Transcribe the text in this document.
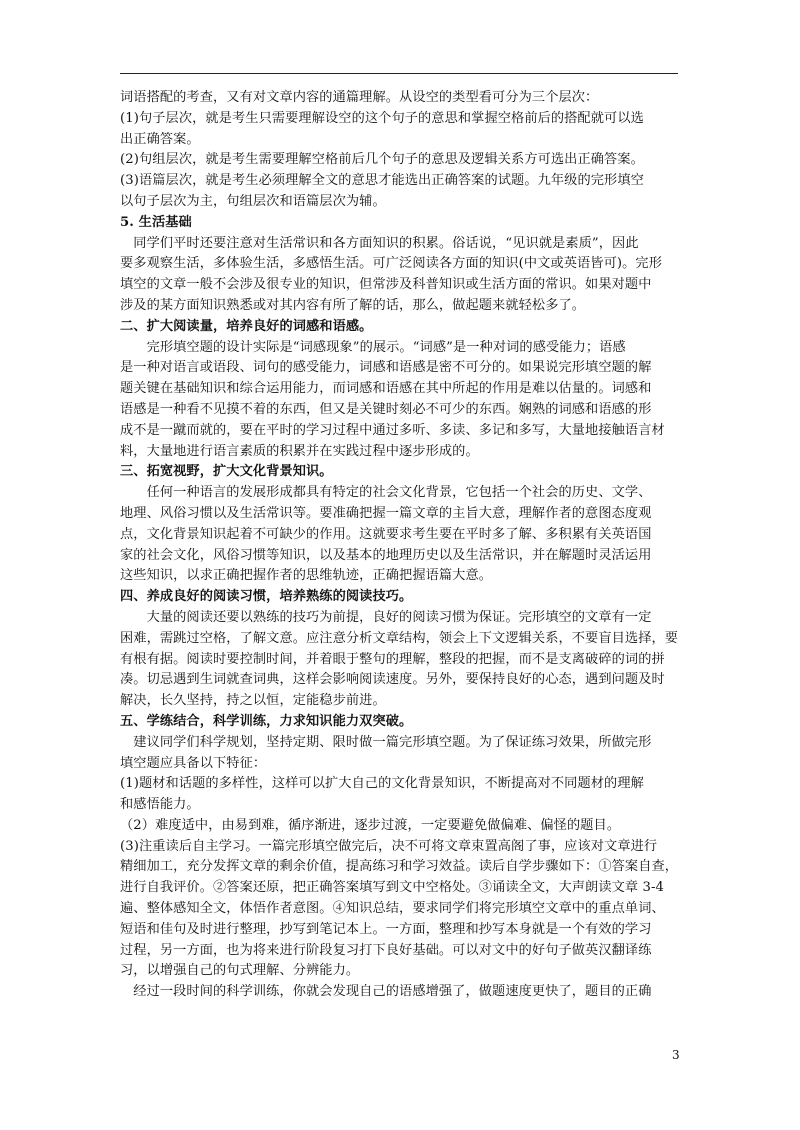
词语搭配的考查，又有对文章内容的通篇理解。从设空的类型看可分为三个层次：
(1)句子层次，就是考生只需要理解设空的这个句子的意思和掌握空格前后的搭配就可以选
出正确答案。
(2)句组层次，就是考生需要理解空格前后几个句子的意思及逻辑关系方可选出正确答案。
(3)语篇层次，就是考生必须理解全文的意思才能选出正确答案的试题。九年级的完形填空
以句子层次为主，句组层次和语篇层次为辅。
5. 生活基础
　同学们平时还要注意对生活常识和各方面知识的积累。俗话说，“见识就是素质”，因此
要多观察生活，多体验生活，多感悟生活。可广泛阅读各方面的知识(中文或英语皆可)。完形
填空的文章一般不会涉及很专业的知识，但常涉及科普知识或生活方面的常识。如果对题中
涉及的某方面知识熟悉或对其内容有所了解的话，那么，做起题来就轻松多了。
二、扩大阅读量，培养良好的词感和语感。
　　完形填空题的设计实际是“词感现象”的展示。“词感”是一种对词的感受能力；语感
是一种对语言或语段、词句的感受能力，词感和语感是密不可分的。如果说完形填空题的解
题关键在基础知识和综合运用能力，而词感和语感在其中所起的作用是难以估量的。词感和
语感是一种看不见摸不着的东西，但又是关键时刻必不可少的东西。娴熟的词感和语感的形
成不是一蹴而就的，要在平时的学习过程中通过多听、多读、多记和多写，大量地接触语言材
料，大量地进行语言素质的积累并在实践过程中逐步形成的。
三、拓宽视野，扩大文化背景知识。
　　任何一种语言的发展形成都具有特定的社会文化背景，它包括一个社会的历史、文学、
地理、风俗习惯以及生活常识等。要准确把握一篇文章的主旨大意，理解作者的意图态度观
点，文化背景知识起着不可缺少的作用。这就要求考生要在平时多了解、多积累有关英语国
家的社会文化，风俗习惯等知识，以及基本的地理历史以及生活常识，并在解题时灵活运用
这些知识，以求正确把握作者的思维轨迹，正确把握语篇大意。
四、养成良好的阅读习惯，培养熟练的阅读技巧。
　　大量的阅读还要以熟练的技巧为前提，良好的阅读习惯为保证。完形填空的文章有一定
困难，需跳过空格，了解文意。应注意分析文章结构，领会上下文逻辑关系，不要盲目选择，要
有根有据。阅读时要控制时间，并着眼于整句的理解，整段的把握，而不是支离破碎的词的拼
凑。切忌遇到生词就查词典，这样会影响阅读速度。另外，要保持良好的心态，遇到问题及时
解决，长久坚持，持之以恒，定能稳步前进。
五、学练结合，科学训练，力求知识能力双突破。
　建议同学们科学规划，坚持定期、限时做一篇完形填空题。为了保证练习效果，所做完形
填空题应具备以下特征：
(1)题材和话题的多样性，这样可以扩大自己的文化背景知识，不断提高对不同题材的理解
和感悟能力。
（2）难度适中，由易到难，循序渐进，逐步过渡，一定要避免做偏难、偏怪的题目。
(3)注重读后自主学习。一篇完形填空做完后，决不可将文章束置高阁了事，应该对文章进行
精细加工，充分发挥文章的剩余价值，提高练习和学习效益。读后自学步骤如下：①答案自查，
进行自我评价。②答案还原，把正确答案填写到文中空格处。③诵读全文，大声朗读文章 3-4
遍、整体感知全文，体悟作者意图。④知识总结，要求同学们将完形填空文章中的重点单词、
短语和佳句及时进行整理，抄写到笔记本上。一方面，整理和抄写本身就是一个有效的学习
过程，另一方面，也为将来进行阶段复习打下良好基础。可以对文中的好句子做英汉翻译练
习，以增强自己的句式理解、分辨能力。
　经过一段时间的科学训练，你就会发现自己的语感增强了，做题速度更快了，题目的正确
3
